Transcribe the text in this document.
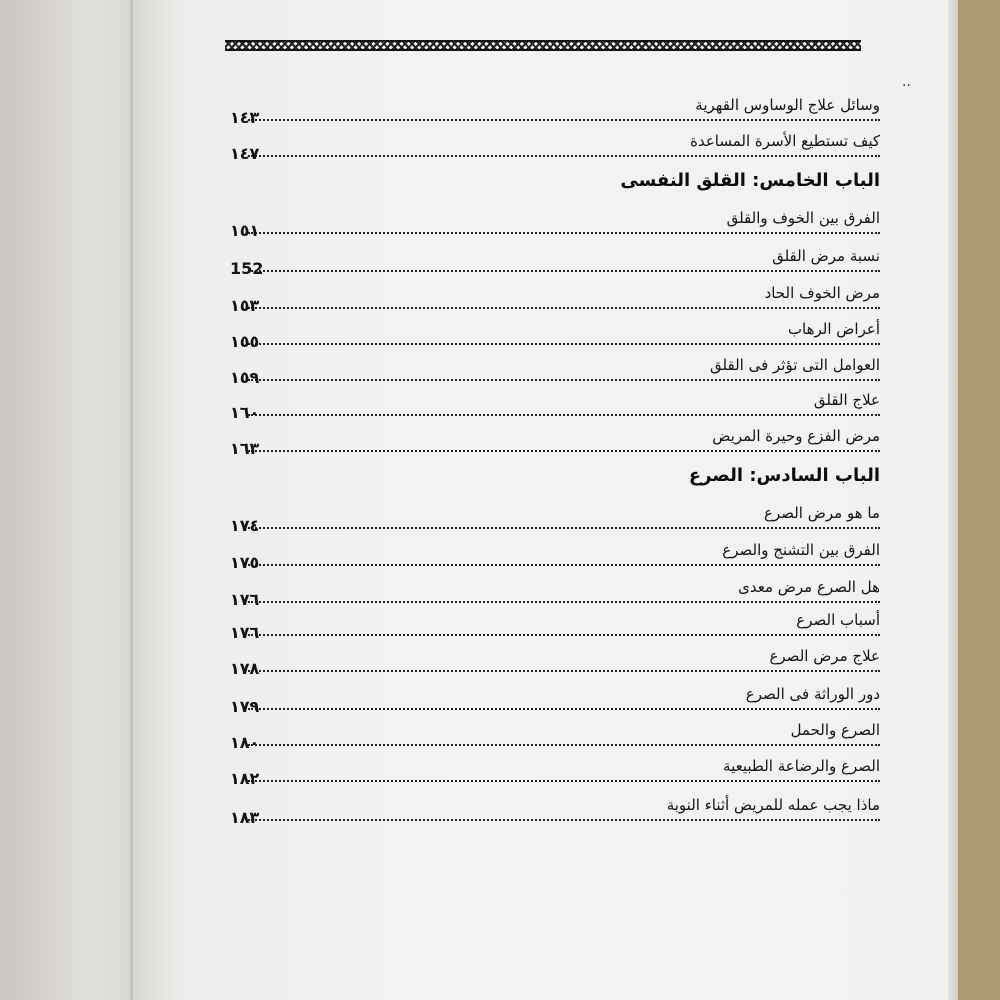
..
وسائل علاج الوساوس القهرية
١٤٣
كيف تستطيع الأسرة المساعدة
١٤٧
الباب الخامس: القلق النفسى
الفرق بين الخوف والقلق
١٥١
نسبة مرض القلق
152
مرض الخوف الحاد
١٥٣
أعراض الرهاب
١٥٥
العوامل التى تؤثر فى القلق
١٥٩
علاج القلق
١٦٠
مرض الفزع وحيرة المريض
١٦٣
الباب السادس: الصرع
ما هو مرض الصرع
١٧٤
الفرق بين التشنج والصرع
١٧٥
هل الصرع مرض معدى
١٧٦
أسباب الصرع
١٧٦
علاج مرض الصرع
١٧٨
دور الوراثة فى الصرع
١٧٩
الصرع والحمل
١٨٠
الصرع والرضاعة الطبيعية
١٨٢
ماذا يجب عمله للمريض أثناء النوبة
١٨٣
